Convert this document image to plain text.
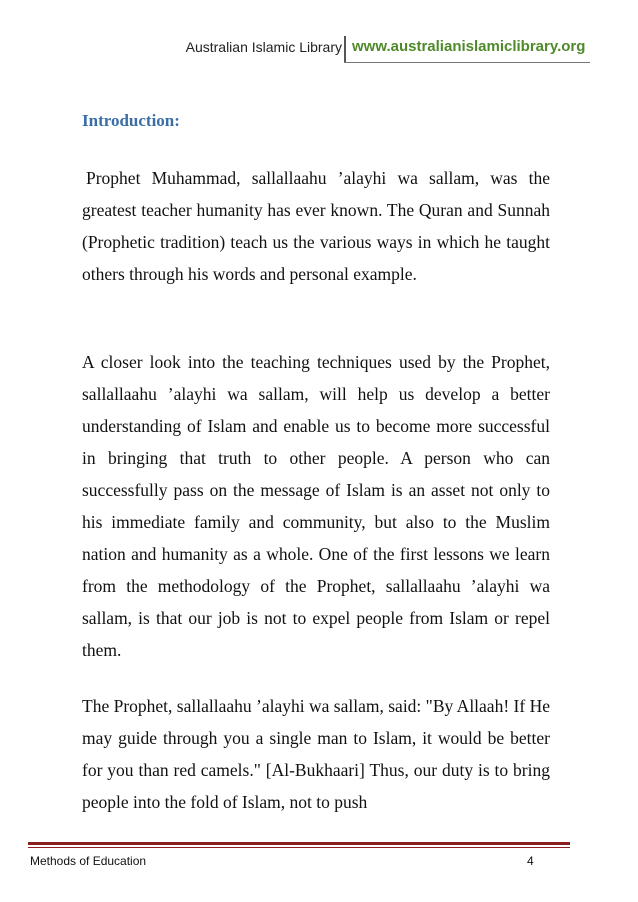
Australian Islamic Library www.australianislamiclibrary.org
Introduction:

Prophet Muhammad, sallallaahu ’alayhi wa sallam, was the greatest teacher humanity has ever known. The Quran and Sunnah (Prophetic tradition) teach us the various ways in which he taught others through his words and personal example.

A closer look into the teaching techniques used by the Prophet, sallallaahu ’alayhi wa sallam, will help us develop a better understanding of Islam and enable us to become more successful in bringing that truth to other people. A person who can successfully pass on the message of Islam is an asset not only to his immediate family and community, but also to the Muslim nation and humanity as a whole. One of the first lessons we learn from the methodology of the Prophet, sallallaahu ’alayhi wa sallam, is that our job is not to expel people from Islam or repel them.

The Prophet, sallallaahu ’alayhi wa sallam, said: "By Allaah! If He may guide through you a single man to Islam, it would be better for you than red camels." [Al-Bukhaari] Thus, our duty is to bring people into the fold of Islam, not to push

Methods of Education	4
